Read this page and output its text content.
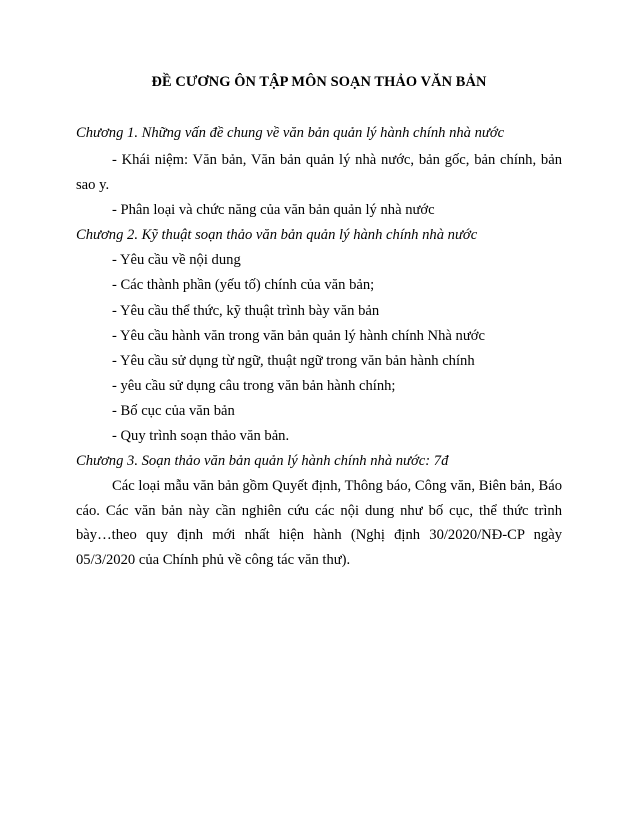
ĐỀ CƯƠNG ÔN TẬP MÔN SOẠN THẢO VĂN BẢN
Chương 1. Những vấn đề chung về văn bản quản lý hành chính nhà nước

- Khái niệm: Văn bản, Văn bản quản lý nhà nước, bản gốc, bản chính, bản sao y.

- Phân loại và chức năng của văn bản quản lý nhà nước
Chương 2. Kỹ thuật soạn thảo văn bản quản lý hành chính nhà nước
- Yêu cầu về nội dung
- Các thành phần (yếu tố) chính của văn bản;
- Yêu cầu thể thức, kỹ thuật trình bày văn bản
- Yêu cầu hành văn trong văn bản quản lý hành chính Nhà nước
- Yêu cầu sử dụng từ ngữ, thuật ngữ trong văn bản hành chính
- yêu cầu sử dụng câu trong văn bản hành chính;
- Bố cục của văn bản
- Quy trình soạn thảo văn bản.
Chương 3. Soạn thảo văn bản quản lý hành chính nhà nước: 7đ

Các loại mẫu văn bản gồm Quyết định, Thông báo, Công văn, Biên bản, Báo cáo. Các văn bản này cần nghiên cứu các nội dung như bố cục, thể thức trình bày…theo quy định mới nhất hiện hành (Nghị định 30/2020/NĐ-CP ngày 05/3/2020 của Chính phủ về công tác văn thư).
